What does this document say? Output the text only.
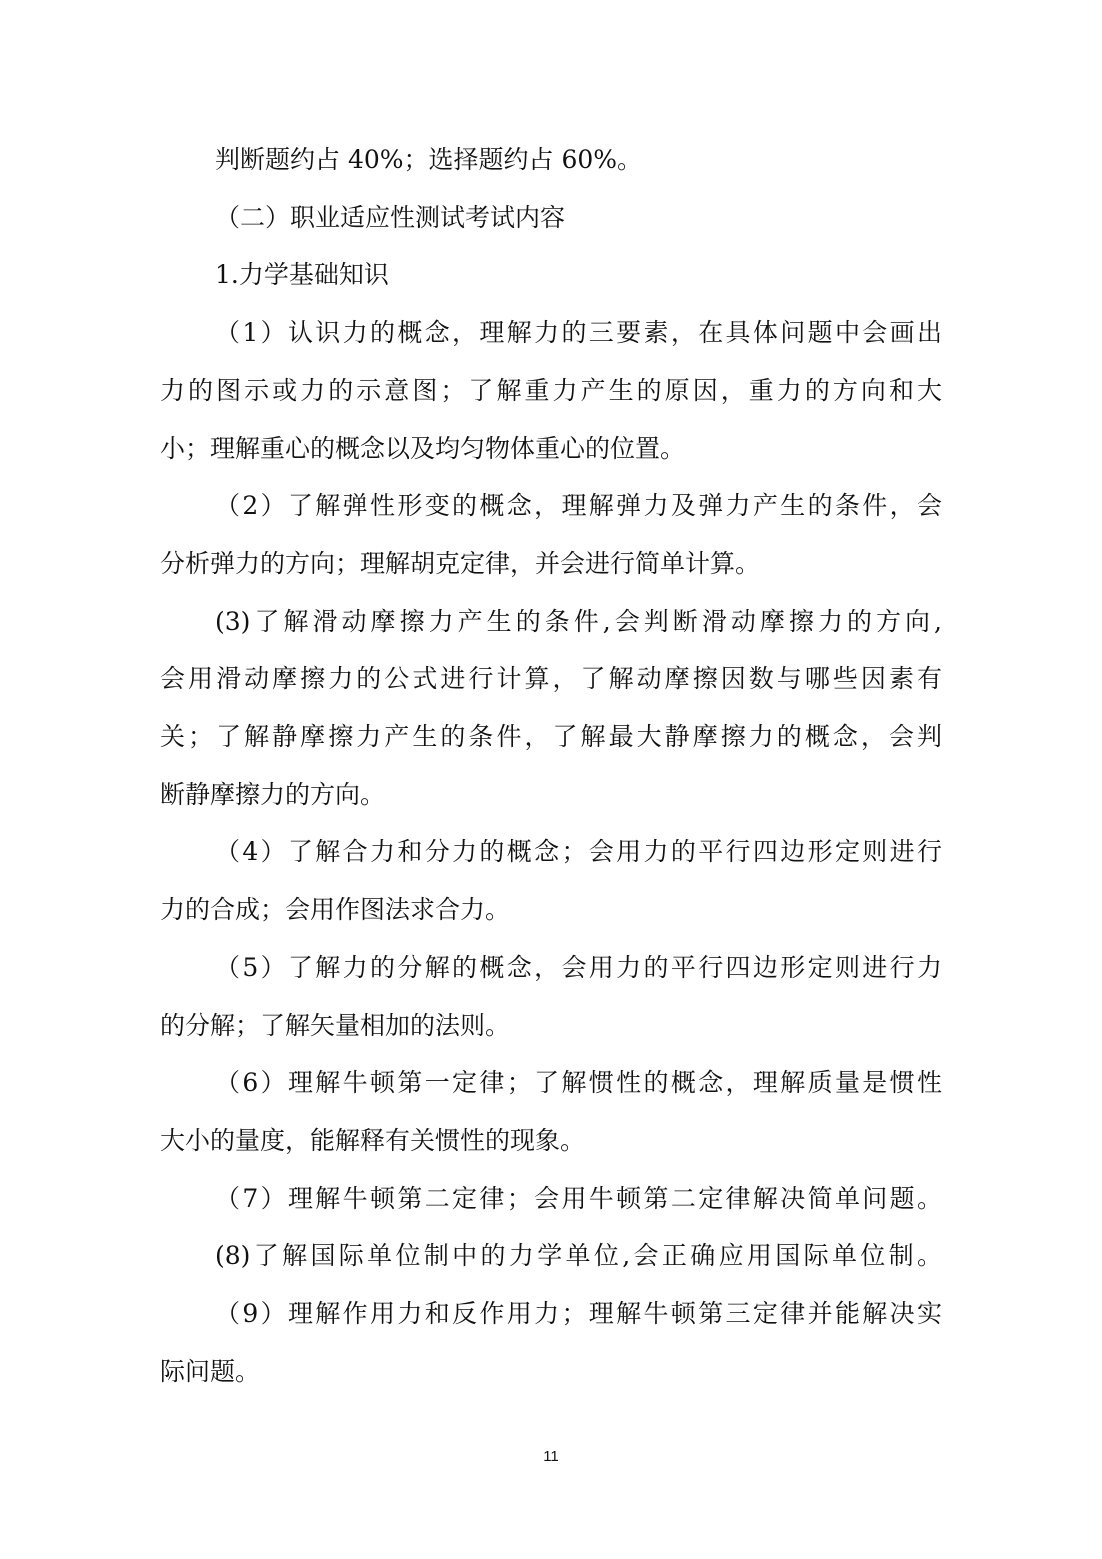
判断题约占 40%；选择题约占 60%。
（二）职业适应性测试考试内容
1.力学基础知识
（1）认识力的概念，理解力的三要素，在具体问题中会画出
力的图示或力的示意图；了解重力产生的原因，重力的方向和大
小；理解重心的概念以及均匀物体重心的位置。
（2）了解弹性形变的概念，理解弹力及弹力产生的条件，会
分析弹力的方向；理解胡克定律，并会进行简单计算。
(3)了解滑动摩擦力产生的条件,会判断滑动摩擦力的方向,
会用滑动摩擦力的公式进行计算，了解动摩擦因数与哪些因素有
关；了解静摩擦力产生的条件，了解最大静摩擦力的概念，会判
断静摩擦力的方向。
（4）了解合力和分力的概念；会用力的平行四边形定则进行
力的合成；会用作图法求合力。
（5）了解力的分解的概念，会用力的平行四边形定则进行力
的分解；了解矢量相加的法则。
（6）理解牛顿第一定律；了解惯性的概念，理解质量是惯性
大小的量度，能解释有关惯性的现象。
（7）理解牛顿第二定律；会用牛顿第二定律解决简单问题。
(8)了解国际单位制中的力学单位,会正确应用国际单位制。
（9）理解作用力和反作用力；理解牛顿第三定律并能解决实
际问题。
11
